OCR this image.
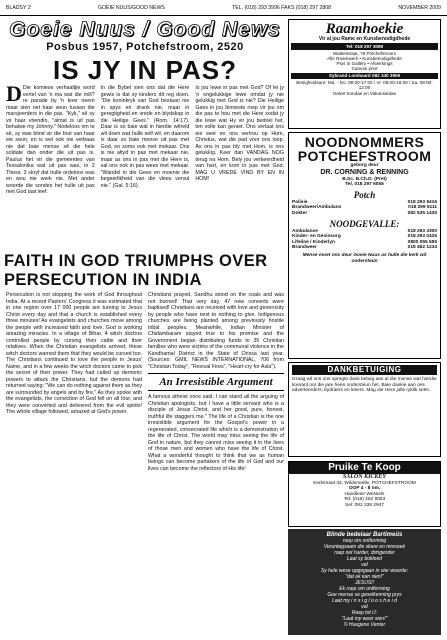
BLADSY 2	GOEIE NUUS/GOOD NEWS	TEL. (018) 293 3996 FAKS (018) 297 2808	NOVEMBER 2009
Goeie Nuus / Good News
Posbus 1957, Potchefstroom, 2520
IS JY IN PAS?
D Die komiese verhaaltjie word vertel van 'n ma wat die mill?re parade by 'n koer neem maar sien net haar seun tussen die marsjeerders in die pas. "Kyk," sê sy vir haar vriendin, "almal is uit pas behalwe my Johnny." Nodeloos om te sê, sy was blind vir die fout van haar eie seun, en is wel ook nie verbaas nie dat baie mense sê die hele soldate dan onder die uit pas is. Paulus het vir die gemeentes van Tessalonika wat uit pas was, in 2 Thess. 3 skryf dat hulle ordeloos was en wou nie werk nie. Met ander woorde die sondes het hulle uit pas met God laat leef.
In die Bybel sien ons dat die Here gewis is dat sy kinders dit reg doen. "Die koninkryk van God bestaan nie in spys en drank nie, maar in geregtigheid en vrede en blydskap in die Heilige Gees." (Rom. 14:17). Daar is so baie wat in hierdie wêreld wil doen wat hulle self wil, en daarom is daar so baie mense uit pas met God, en soms ook met mekaar. Ons is nie altyd in pas met mekaar nie, maar as ons in pas met die Here is, sal ons ook in pas wees met mekaar. "Wandel in die Gees en moenie die begeerlikheid van die vlees vervul nie." (Gal. 5:16).
Is jou lewe in pas met God? Of lei jy 'n ongelukkige lewe omdat jy nie gelukkig met God is nie? Die Heilige Gees in jou binneste roep vir jou om die pas te hou met die Here sodat jy die lewe wat Hy vir jou bedoel het, ten volle kan geniet. Ons verlaat ons eie weë en ons vertrou op Hom, Christus, wat die pad voor ons loop. As ons in pas bly met Hom, is ons gelukkig. Keer dan VANDAG NOG terug na Hom. Bely jou verkeerdheid van hart, en kom in pas met God. MAG U VREDE VIND BY EN IN HOM!
Raamhoekie
Vir al jou Rame en Kunsbenodigdhede
Tel: 018 297 3099
Walterstraat, 78 Potchefstroom
Alle Raamwerk • Kunsbenodigdhede
Plus in Gallery • Afwerkings
Canvas print
Sybrand Lombaard 082 340 3909
Besigheidsure: Ma. - Do. 08:00-17:00 / Vr. 08:00-16:00 / Sa. 09:00-12:00
Geleë Sondae en Vakansiedae
NOODNOMMERS
POTCHEFSTROOM
geborg deur
DR. CORNING & RENNING
B.Sc. B.Ch.D. (Pret)
Tel. 018 297 6055
Potch
Polisie	018 293 9416
Brandweer/Ambulans	018 299 5111
Dokter	082 535 1430
NOODGEVALLE:
Ambulanse	018 293 3300
Kinder- en Gesinsorg	018 293 0425
Lifeline / Kinderlyn	0800 055 555
Brandweer	018 462 1234
Mense moet ons deur Goeie Nuus as hulle die kerk wil ondersteun
DANKBETUIGING
Graag wil ons ons opregte dank betuig aan al die mense wat hierdie koerant oor die jare heen ondersteun het. Baie dankie aan ons adverteerders, bydraers en lesers. Mag die Here julle ryklik seën.
FAITH IN GOD TRIUMPHS OVER PERSECUTION IN INDIA
Persecution is not stopping the work of God throughout India. At a recent Pastors' Congress it was estimated that in one region over 17 000 people are turning to Jesus Christ every day and that a church is established every three minutes! As evangelists and churches move among the people with increased faith and love, God is working amazing miracles. In a village of Bihar, 4 witch doctors controlled people by cursing their cattle and their relatives. When the Christian evangelists arrived, these witch doctors warned them that they would be cursed too. The Christians continued to love the people in Jesus' Name, and in a few weeks the witch doctors came to pick the secret of their power. They had called up demonic powers to attack the Christians, but the demons had returned saying: "We can do nothing against them as they are surrounded by angels and by fire." As they spoke with the evangelists, the conviction of God fell on all four, and they were converted and delivered from the evil spirits! The whole village followed, amazed at God's power.
Christians prayed, Sandhu stood on the coals and was not burned! That very day, 47 new converts were baptised! Christians are received with love and generosity by people who have next to nothing to give. Indigenous churches are being planted among previously hostile tribal peoples. Meanwhile, Indian Minister of Chidambaram stayed true to his promise and the Government began distributing funds to 35 Christian families who were victims of the communal violence in the Kandhamal District in the State of Orissa last year. (Sources: GMIL NEWS INTERNATIONAL, 706 from "Christian Today", "Revival Fires", "Heart-cry for Asia").
An Irresistible Argument
A famous atheist once said, I can stand all the arguing of Christian apologists, but I have a little servant who is a disciple of Jesus Christ, and her good, pure, honest, truthful life staggers me." The life of a Christian is the one irresistible argument for the Gospel's power in a regenerated, consecrated life which is a demonstration of the life of Christ. The world may miss seeing the life of God in nature, but they cannot miss seeing it in the lives of those men and women who have the life of Christ. What a wonderful thought to think that we as human beings can become partakers of the life of God and our lives can become the reflectors of His life!	Pruike Te Koop
SALON KICKEY
Kerkstraat 32, Wilderstelle, POTCHEFSTROOM
OOP 4 - 8 nm.
Handleier Wessels
Tel: (018) 462 9053
Sel: 082 338 2947
Blinde bedelaar Bartimeüs
roep om ontferming
Verontagsaam die skare en misnoeë
roep net harder, dringender
Laat sy bokleed
val
Sy hele wese opgegaan in vier woorde:
"dat ek kan sien!"
JESUS!!
Ek roep om ontferming
Gee mense se geselkenning prys
Laat my i n s i g l o o s h e i d
val
Roep tot U:
"Laat my weer sien!"
© Huegene Venter
